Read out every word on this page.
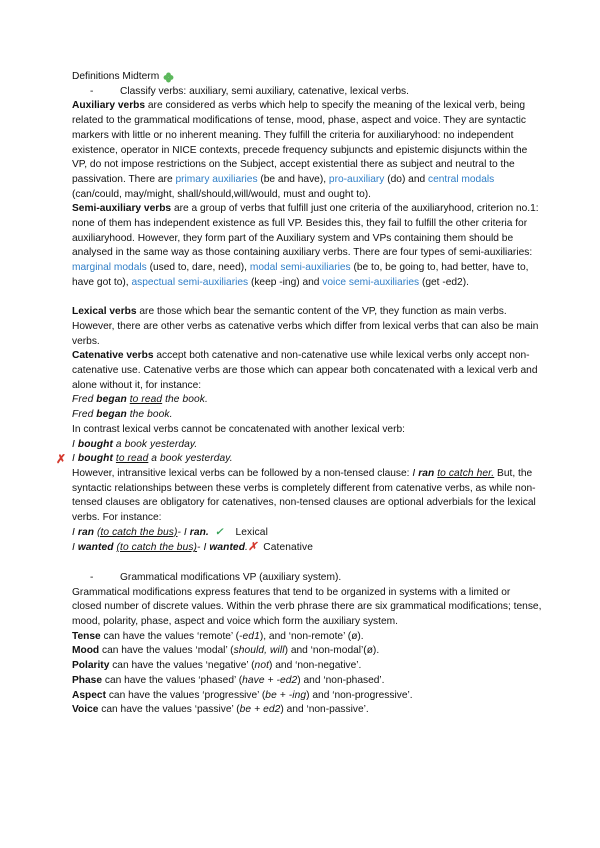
Definitions Midterm

-	Classify verbs: auxiliary, semi auxiliary, catenative, lexical verbs.

Auxiliary verbs are considered as verbs which help to specify the meaning of the lexical verb, being related to the grammatical modifications of tense, mood, phase, aspect and voice. They are syntactic markers with little or no inherent meaning. They fulfill the criteria for auxiliaryhood: no independent existence, operator in NICE contexts, precede frequency subjuncts and epistemic disjuncts within the VP, do not impose restrictions on the Subject, accept existential there as subject and neutral to the passivation. There are primary auxiliaries (be and have), pro-auxiliary (do) and central modals (can/could, may/might, shall/should,will/would, must and ought to).

Semi-auxiliary verbs are a group of verbs that fulfill just one criteria of the auxiliaryhood, criterion no.1: none of them has independent existence as full VP. Besides this, they fail to fulfill the other criteria for auxiliaryhood. However, they form part of the Auxiliary system and VPs containing them should be analysed in the same way as those containing auxiliary verbs. There are four types of semi-auxiliaries: marginal modals (used to, dare, need), modal semi-auxiliaries (be to, be going to, had better, have to, have got to), aspectual semi-auxiliaries (keep -ing) and voice semi-auxiliaries (get -ed2).

Lexical verbs are those which bear the semantic content of the VP, they function as main verbs. However, there are other verbs as catenative verbs which differ from lexical verbs that can also be main verbs.

Catenative verbs accept both catenative and non-catenative use while lexical verbs only accept non-catenative use. Catenative verbs are those which can appear both concatenated with a lexical verb and alone without it, for instance:

Fred began to read the book.

Fred began the book.

In contrast lexical verbs cannot be concatenated with another lexical verb:

I bought a book yesterday.

✗ I bought to read a book yesterday.

However, intransitive lexical verbs can be followed by a non-tensed clause: I ran to catch her. But, the syntactic relationships between these verbs is completely different from catenative verbs, as while non-tensed clauses are obligatory for catenatives, non-tensed clauses are optional adverbials for the lexical verbs. For instance:

I ran (to catch the bus)- I ran. ✓ Lexical

I wanted (to catch the bus)- I wanted.✗ Catenative

-	Grammatical modifications VP (auxiliary system).

Grammatical modifications express features that tend to be organized in systems with a limited or closed number of discrete values. Within the verb phrase there are six grammatical modifications; tense, mood, polarity, phase, aspect and voice which form the auxiliary system.

Tense can have the values ‘remote’ (-ed1), and ‘non-remote’ (ø).

Mood can have the values ‘modal’ (should, will) and ‘non-modal’(ø).

Polarity can have the values ‘negative’ (not) and ‘non-negative’.

Phase can have the values ‘phased’ (have + -ed2) and ‘non-phased’.

Aspect can have the values ‘progressive’ (be + -ing) and ‘non-progressive’.

Voice can have the values ‘passive’ (be + ed2) and ‘non-passive’.
